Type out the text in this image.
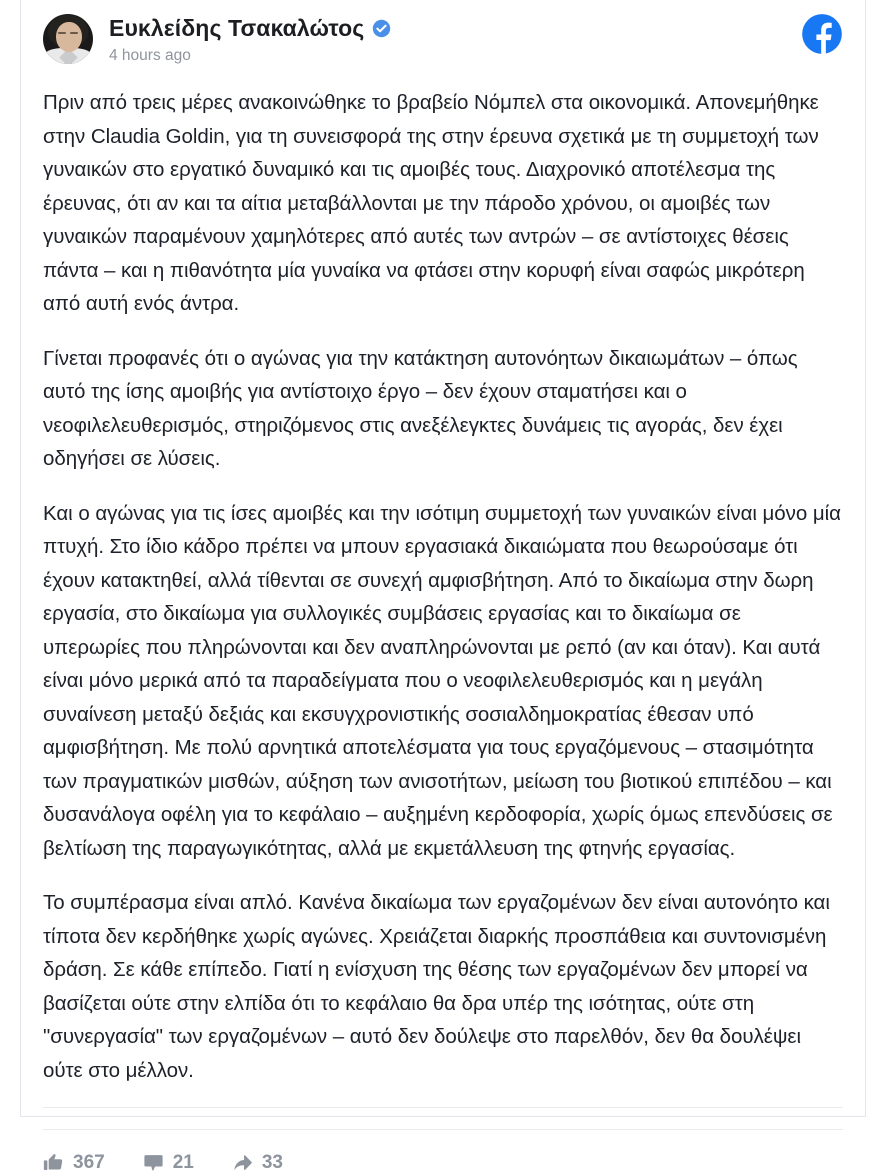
Ευκλείδης Τσακαλώτος
4 hours ago

Πριν από τρεις μέρες ανακοινώθηκε το βραβείο Νόμπελ στα οικονομικά. Απονεμήθηκε στην Claudia Goldin, για τη συνεισφορά της στην έρευνα σχετικά με τη συμμετοχή των γυναικών στο εργατικό δυναμικό και τις αμοιβές τους. Διαχρονικό αποτέλεσμα της έρευνας, ότι αν και τα αίτια μεταβάλλονται με την πάροδο χρόνου, οι αμοιβές των γυναικών παραμένουν χαμηλότερες από αυτές των αντρών – σε αντίστοιχες θέσεις πάντα – και η πιθανότητα μία γυναίκα να φτάσει στην κορυφή είναι σαφώς μικρότερη από αυτή ενός άντρα.

Γίνεται προφανές ότι ο αγώνας για την κατάκτηση αυτονόητων δικαιωμάτων – όπως αυτό της ίσης αμοιβής για αντίστοιχο έργο – δεν έχουν σταματήσει και ο νεοφιλελευθερισμός, στηριζόμενος στις ανεξέλεγκτες δυνάμεις τις αγοράς, δεν έχει οδηγήσει σε λύσεις.

Και ο αγώνας για τις ίσες αμοιβές και την ισότιμη συμμετοχή των γυναικών είναι μόνο μία πτυχή. Στο ίδιο κάδρο πρέπει να μπουν εργασιακά δικαιώματα που θεωρούσαμε ότι έχουν κατακτηθεί, αλλά τίθενται σε συνεχή αμφισβήτηση. Από το δικαίωμα στην δωρη εργασία, στο δικαίωμα για συλλογικές συμβάσεις εργασίας και το δικαίωμα σε υπερωρίες που πληρώνονται και δεν αναπληρώνονται με ρεπό (αν και όταν). Και αυτά είναι μόνο μερικά από τα παραδείγματα που ο νεοφιλελευθερισμός και η μεγάλη συναίνεση μεταξύ δεξιάς και εκσυγχρονιστικής σοσιαλδημοκρατίας έθεσαν υπό αμφισβήτηση. Με πολύ αρνητικά αποτελέσματα για τους εργαζόμενους – στασιμότητα των πραγματικών μισθών, αύξηση των ανισοτήτων, μείωση του βιοτικού επιπέδου – και δυσανάλογα οφέλη για το κεφάλαιο – αυξημένη κερδοφορία, χωρίς όμως επενδύσεις σε βελτίωση της παραγωγικότητας, αλλά με εκμετάλλευση της φτηνής εργασίας.

Το συμπέρασμα είναι απλό. Κανένα δικαίωμα των εργαζομένων δεν είναι αυτονόητο και τίποτα δεν κερδήθηκε χωρίς αγώνες. Χρειάζεται διαρκής προσπάθεια και συντονισμένη δράση. Σε κάθε επίπεδο. Γιατί η ενίσχυση της θέσης των εργαζομένων δεν μπορεί να βασίζεται ούτε στην ελπίδα ότι το κεφάλαιο θα δρα υπέρ της ισότητας, ούτε στη "συνεργασία" των εργαζομένων – αυτό δεν δούλεψε στο παρελθόν, δεν θα δουλέψει ούτε στο μέλλον.

367	21	33
